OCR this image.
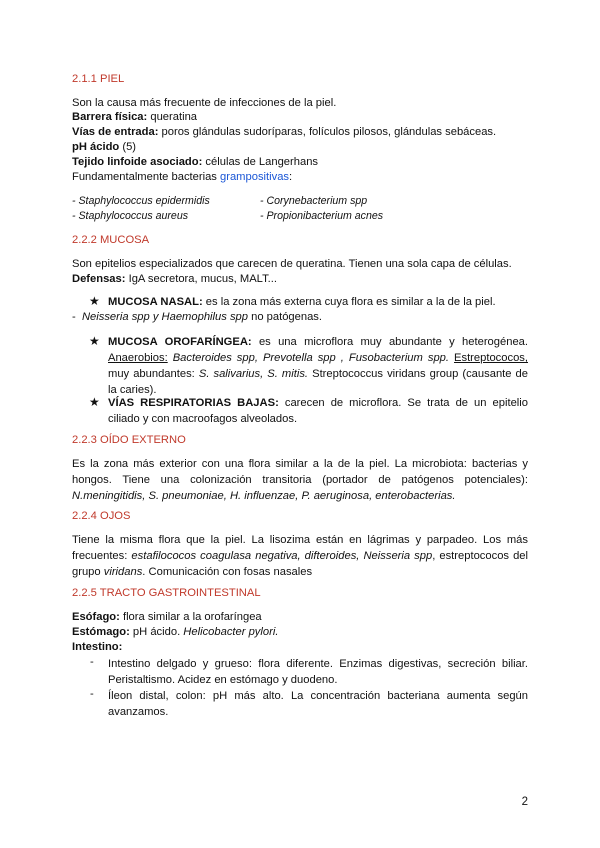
2.1.1 PIEL
Son la causa más frecuente de infecciones de la piel.
Barrera física: queratina
Vías de entrada: poros glándulas sudoríparas, folículos pilosos, glándulas sebáceas.
pH ácido (5)
Tejido linfoide asociado: células de Langerhans
Fundamentalmente bacterias grampositivas:
- Staphylococcus epidermidis	- Corynebacterium spp
- Staphylococcus aureus	- Propionibacterium acnes
2.2.2 MUCOSA
Son epitelios especializados que carecen de queratina. Tienen una sola capa de células.
Defensas: IgA secretora, mucus, MALT...
★ MUCOSA NASAL: es la zona más externa cuya flora es similar a la de la piel.
- Neisseria spp y Haemophilus spp no patógenas.
★ MUCOSA OROFARÍNGEA: es una microflora muy abundante y heterogénea. Anaerobios: Bacteroides spp, Prevotella spp , Fusobacterium spp. Estreptococos, muy abundantes: S. salivarius, S. mitis. Streptococcus viridans group (causante de la caries).
★ VÍAS RESPIRATORIAS BAJAS: carecen de microflora. Se trata de un epitelio ciliado y con macroofagos alveolados.
2.2.3 OÍDO EXTERNO
Es la zona más exterior con una flora similar a la de la piel. La microbiota: bacterias y hongos. Tiene una colonización transitoria (portador de patógenos potenciales): N.meningitidis, S. pneumoniae, H. influenzae, P. aeruginosa, enterobacterias.
2.2.4 OJOS
Tiene la misma flora que la piel. La lisozima están en lágrimas y parpadeo. Los más frecuentes: estafilococos coagulasa negativa, difteroides, Neisseria spp, estreptococos del grupo viridans. Comunicación con fosas nasales
2.2.5 TRACTO GASTROINTESTINAL
Esófago: flora similar a la orofaríngea
Estómago: pH ácido. Helicobacter pylori.
Intestino:
- Intestino delgado y grueso: flora diferente. Enzimas digestivas, secreción biliar. Peristaltismo. Acidez en estómago y duodeno.
- Íleon distal, colon: pH más alto. La concentración bacteriana aumenta según avanzamos.
2
